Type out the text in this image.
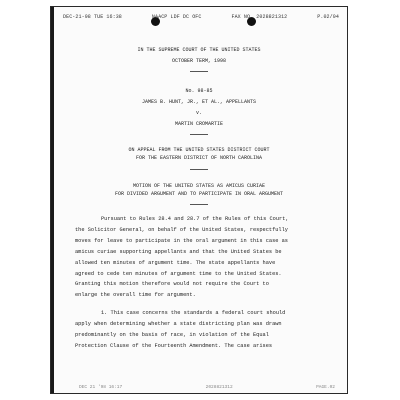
DEC-21-98 TUE 16:38	NAACP LDF DC OFC	FAX NO. 2028821312	P.02/04
IN THE SUPREME COURT OF THE UNITED STATES
OCTOBER TERM, 1998
No. 98-85
JAMES B. HUNT, JR., ET AL., APPELLANTS
v.
MARTIN CROMARTIE
ON APPEAL FROM THE UNITED STATES DISTRICT COURT
FOR THE EASTERN DISTRICT OF NORTH CAROLINA
MOTION OF THE UNITED STATES AS AMICUS CURIAE
FOR DIVIDED ARGUMENT AND TO PARTICIPATE IN ORAL ARGUMENT
Pursuant to Rules 28.4 and 28.7 of the Rules of this Court,
the Solicitor General, on behalf of the United States, respectfully
moves for leave to participate in the oral argument in this case as
amicus curiae supporting appellants and that the United States be
allowed ten minutes of argument time. The state appellants have
agreed to cede ten minutes of argument time to the United States.
Granting this motion therefore would not require the Court to
enlarge the overall time for argument.
1. This case concerns the standards a federal court should
apply when determining whether a state districting plan was drawn
predominantly on the basis of race, in violation of the Equal
Protection Clause of the Fourteenth Amendment. The case arises
DEC 21 '98 16:17	2028821312	PAGE.02
